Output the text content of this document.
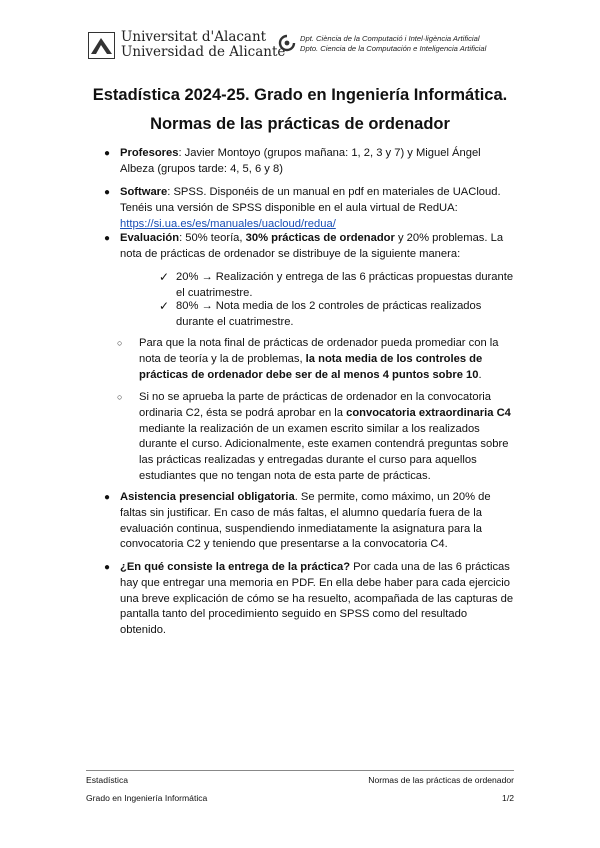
Universitat d'Alacant
Universidad de Alicante
Dpt. Ciència de la Computació i Intel·ligència Artificial
Dpto. Ciencia de la Computación e Inteligencia Artificial
Estadística 2024-25. Grado en Ingeniería Informática.
Normas de las prácticas de ordenador
● Profesores: Javier Montoyo (grupos mañana: 1, 2, 3 y 7) y Miguel Ángel
Albeza (grupos tarde: 4, 5, 6 y 8)
● Software: SPSS. Disponéis de un manual en pdf en materiales de UACloud.
Tenéis una versión de SPSS disponible en el aula virtual de RedUA:
https://si.ua.es/es/manuales/uacloud/redua/
● Evaluación: 50% teoría, 30% prácticas de ordenador y 20% problemas. La
nota de prácticas de ordenador se distribuye de la siguiente manera:
✓ 20% → Realización y entrega de las 6 prácticas propuestas durante
el cuatrimestre.
✓ 80% → Nota media de los 2 controles de prácticas realizados
durante el cuatrimestre.
○ Para que la nota final de prácticas de ordenador pueda promediar con la
nota de teoría y la de problemas, la nota media de los controles de
prácticas de ordenador debe ser de al menos 4 puntos sobre 10.
○ Si no se aprueba la parte de prácticas de ordenador en la convocatoria
ordinaria C2, ésta se podrá aprobar en la convocatoria extraordinaria C4
mediante la realización de un examen escrito similar a los realizados
durante el curso. Adicionalmente, este examen contendrá preguntas sobre
las prácticas realizadas y entregadas durante el curso para aquellos
estudiantes que no tengan nota de esta parte de prácticas.
● Asistencia presencial obligatoria. Se permite, como máximo, un 20% de
faltas sin justificar. En caso de más faltas, el alumno quedaría fuera de la
evaluación continua, suspendiendo inmediatamente la asignatura para la
convocatoria C2 y teniendo que presentarse a la convocatoria C4.
● ¿En qué consiste la entrega de la práctica? Por cada una de las 6 prácticas
hay que entregar una memoria en PDF. En ella debe haber para cada ejercicio
una breve explicación de cómo se ha resuelto, acompañada de las capturas de
pantalla tanto del procedimiento seguido en SPSS como del resultado
obtenido.
Estadística	Normas de las prácticas de ordenador
Grado en Ingeniería Informática	1/2
